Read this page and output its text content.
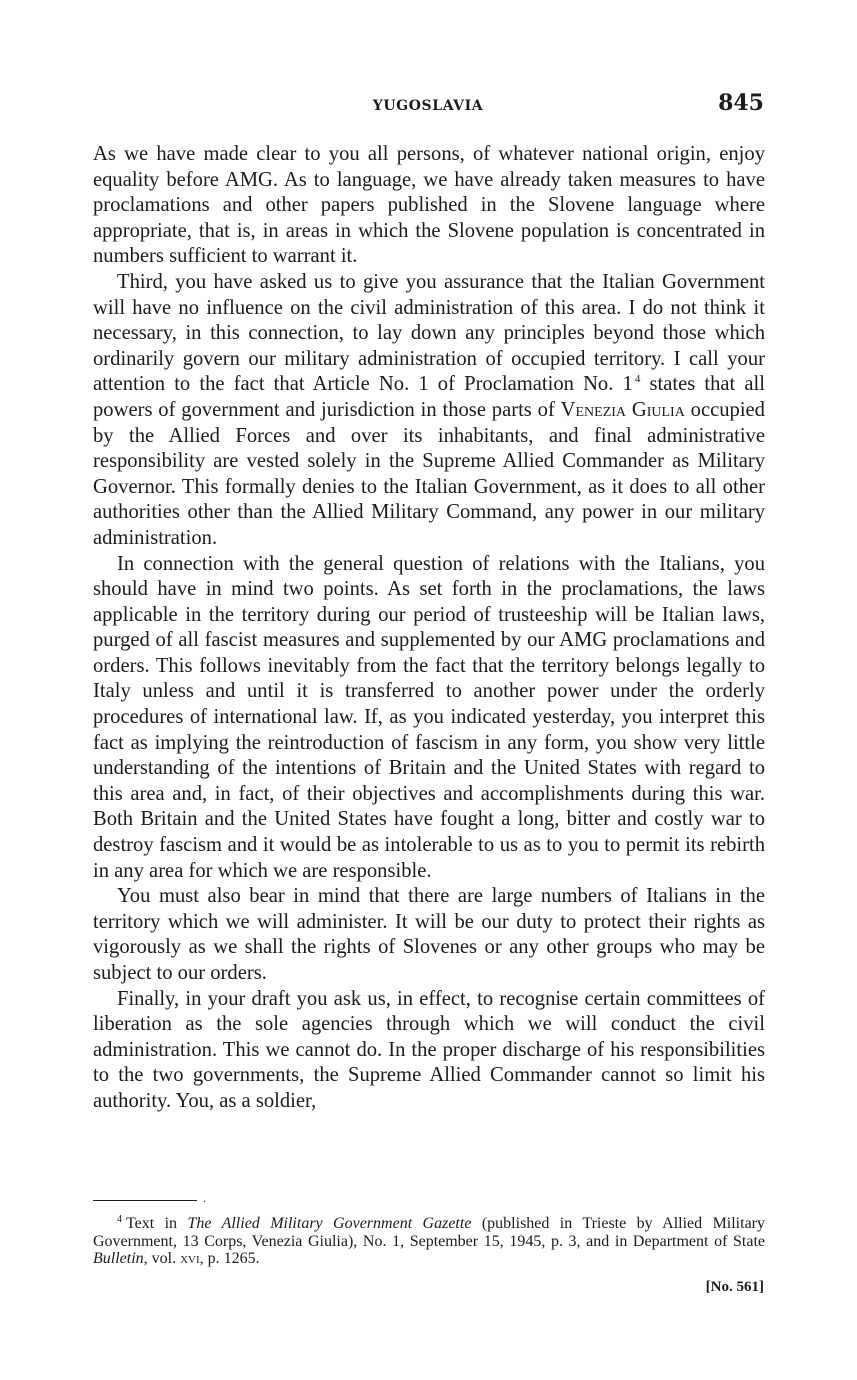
YUGOSLAVIA	845

As we have made clear to you all persons, of whatever national origin, enjoy equality before AMG. As to language, we have already taken measures to have proclamations and other papers published in the Slovene language where appropriate, that is, in areas in which the Slovene population is concentrated in numbers sufficient to warrant it.

Third, you have asked us to give you assurance that the Italian Government will have no influence on the civil administration of this area. I do not think it necessary, in this connection, to lay down any principles beyond those which ordinarily govern our military administration of occupied territory. I call your attention to the fact that Article No. 1 of Proclamation No. 1 $^4$ states that all powers of government and jurisdiction in those parts of Venezia Giulia occupied by the Allied Forces and over its inhabitants, and final administrative responsibility are vested solely in the Supreme Allied Commander as Military Governor. This formally denies to the Italian Government, as it does to all other authorities other than the Allied Military Command, any power in our military administration.

In connection with the general question of relations with the Italians, you should have in mind two points. As set forth in the proclamations, the laws applicable in the territory during our period of trusteeship will be Italian laws, purged of all fascist measures and supplemented by our AMG proclamations and orders. This follows inevitably from the fact that the territory belongs legally to Italy unless and until it is transferred to another power under the orderly procedures of international law. If, as you indicated yesterday, you interpret this fact as implying the reintroduction of fascism in any form, you show very little understanding of the intentions of Britain and the United States with regard to this area and, in fact, of their objectives and accomplishments during this war. Both Britain and the United States have fought a long, bitter and costly war to destroy fascism and it would be as intolerable to us as to you to permit its rebirth in any area for which we are responsible.

You must also bear in mind that there are large numbers of Italians in the territory which we will administer. It will be our duty to protect their rights as vigorously as we shall the rights of Slovenes or any other groups who may be subject to our orders.

Finally, in your draft you ask us, in effect, to recognise certain committees of liberation as the sole agencies through which we will conduct the civil administration. This we cannot do. In the proper discharge of his responsibilities to the two governments, the Supreme Allied Commander cannot so limit his authority. You, as a soldier,

.

$^4$ Text in The Allied Military Government Gazette (published in Trieste by Allied Military Government, 13 Corps, Venezia Giulia), No. 1, September 15, 1945, p. 3, and in Department of State Bulletin, vol. xvi, p. 1265.

[No. 561]
